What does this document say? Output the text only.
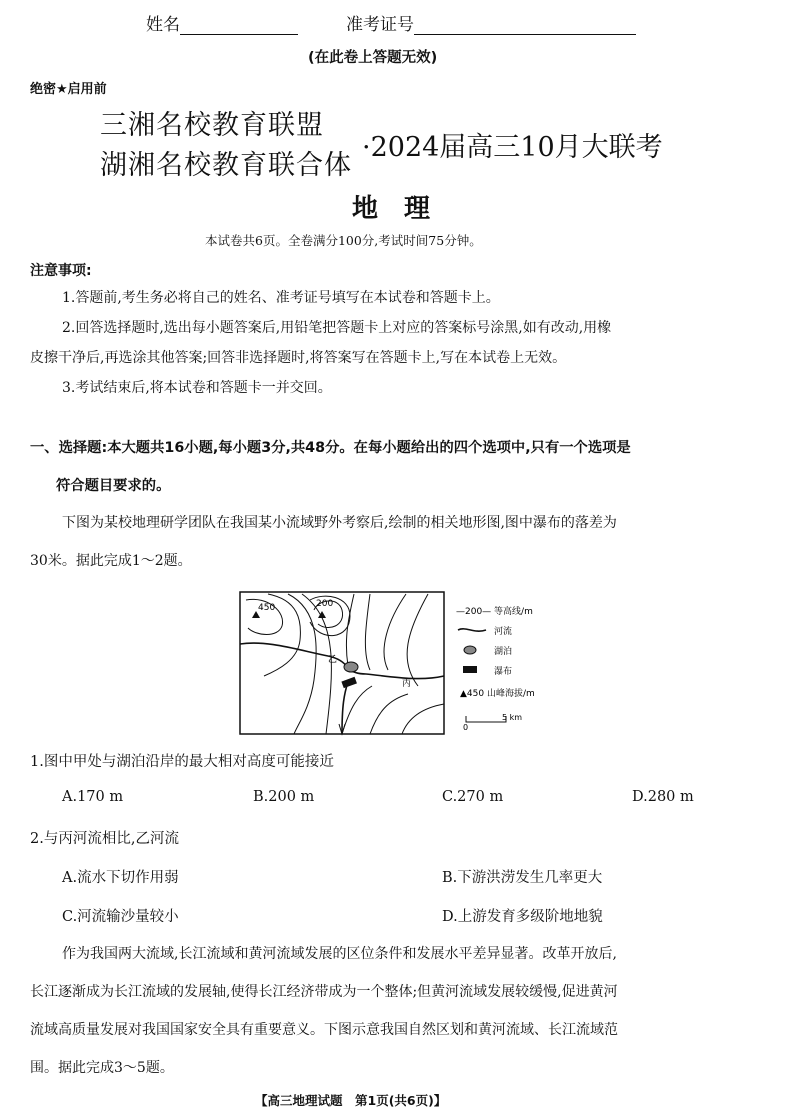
姓名	准考证号
(在此卷上答题无效)
绝密★启用前
三湘名校教育联盟
湖湘名校教育联合体
·2024届高三10月大联考
地　理
本试卷共6页。全卷满分100分,考试时间75分钟。
注意事项:
1.答题前,考生务必将自己的姓名、准考证号填写在本试卷和答题卡上。
2.回答选择题时,选出每小题答案后,用铅笔把答题卡上对应的答案标号涂黑,如有改动,用橡
皮擦干净后,再选涂其他答案;回答非选择题时,将答案写在答题卡上,写在本试卷上无效。
3.考试结束后,将本试卷和答题卡一并交回。
一、选择题:本大题共16小题,每小题3分,共48分。在每小题给出的四个选项中,只有一个选项是
符合题目要求的。
下图为某校地理研学团队在我国某小流域野外考察后,绘制的相关地形图,图中瀑布的落差为
30米。据此完成1～2题。
450	200
乙
丙
—200— 等高线/m
河流
湖泊
瀑布
▲450 山峰海拔/m
0
5 km
1.图中甲处与湖泊沿岸的最大相对高度可能接近
A.170 m	B.200 m	C.270 m	D.280 m
2.与丙河流相比,乙河流
A.流水下切作用弱	B.下游洪涝发生几率更大
C.河流输沙量较小	D.上游发育多级阶地地貌
作为我国两大流域,长江流域和黄河流域发展的区位条件和发展水平差异显著。改革开放后,
长江逐渐成为长江流域的发展轴,使得长江经济带成为一个整体;但黄河流域发展较缓慢,促进黄河
流域高质量发展对我国国家安全具有重要意义。下图示意我国自然区划和黄河流域、长江流域范
围。据此完成3～5题。
【高三地理试题　第1页(共6页)】
